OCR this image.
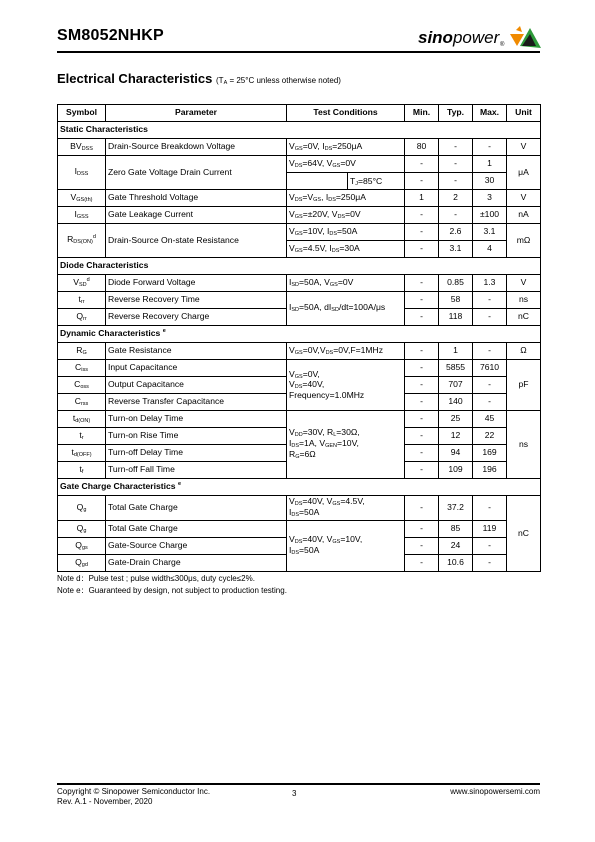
SM8052NHKP	sinopower ®
Electrical Characteristics ($T_A = 25^\circ C$ unless otherwise noted)
Symbol	Parameter	Test Conditions	Min.	Typ.	Max.	Unit
Static Characteristics						
$BV_{DSS}$	Drain-Source Breakdown Voltage	$V_{GS}=0V$, $I_{DS}=250\mu A$	80	-	-	V
$I_{DSS}$	Zero Gate Voltage Drain Current	$V_{DS}=64V$, $V_{GS}=0V$	-	-	1	μA

		$T_J=85^\circ C$	-	-	30	
$V_{GS(th)}$	Gate Threshold Voltage	$V_{DS}=V_{GS}$, $I_{DS}=250\mu A$	1	2	3	V
$I_{GSS}$	Gate Leakage Current	$V_{GS}=\pm 20V$, $V_{DS}=0V$	-	-	±100	nA
$R_{DS(ON)}^d$	Drain-Source On-state Resistance	$V_{GS}=10V$, $I_{DS}=50A$	-	2.6	3.1	mΩ
		$V_{GS}=4.5V$, $I_{DS}=30A$	-	3.1	4	
Diode Characteristics						
$V_{SD}^d$	Diode Forward Voltage	$I_{SD}=50A$, $V_{GS}=0V$	-	0.85	1.3	V
$t_{rr}$	Reverse Recovery Time	$I_{SD}=50A$, $dI_{SD}/dt=100A/\mu s$	-	58	-	ns
$Q_{rr}$	Reverse Recovery Charge		-	118	-	nC
Dynamic Characteristics $^e$
$R_G$	Gate Resistance	$V_{GS}=0V,V_{DS}=0V,F=1MHz$	-	1	-	Ω
$C_{iss}$	Input Capacitance	$V_{GS}=0V$,
$V_{DS}=40V$,
Frequency=1.0MHz	-	5855	7610	pF
$C_{oss}$	Output Capacitance		-	707	-	
$C_{rss}$	Reverse Transfer Capacitance		-	140	-	
$t_{d(ON)}$	Turn-on Delay Time	$V_{DD}=30V$, $R_L=30\Omega$,
$I_{DS}=1A$, $V_{GEN}=10V$,
$R_G=6\Omega$	-	25	45	ns
$t_r$	Turn-on Rise Time		-	12	22	
$t_{d(OFF)}$	Turn-off Delay Time		-	94	169	
$t_f$	Turn-off Fall Time		-	109	196	
Gate Charge Characteristics $^e$
$Q_g$	Total Gate Charge	$V_{DS}=40V$, $V_{GS}=4.5V$,
$I_{DS}=50A$	-	37.2	-	nC
$Q_g$	Total Gate Charge	$V_{DS}=40V$, $V_{GS}=10V$,
$I_{DS}=50A$	-	85	119	
$Q_{gs}$	Gate-Source Charge		-	24	-	
$Q_{gd}$	Gate-Drain Charge		-	10.6	-	
Note d：Pulse test ; pulse width≤300μs, duty cycle≤2%.
Note e：Guaranteed by design, not subject to production testing.
Copyright © Sinopower Semiconductor Inc.
Rev. A.1 - November, 2020
3	www.sinopowersemi.com
